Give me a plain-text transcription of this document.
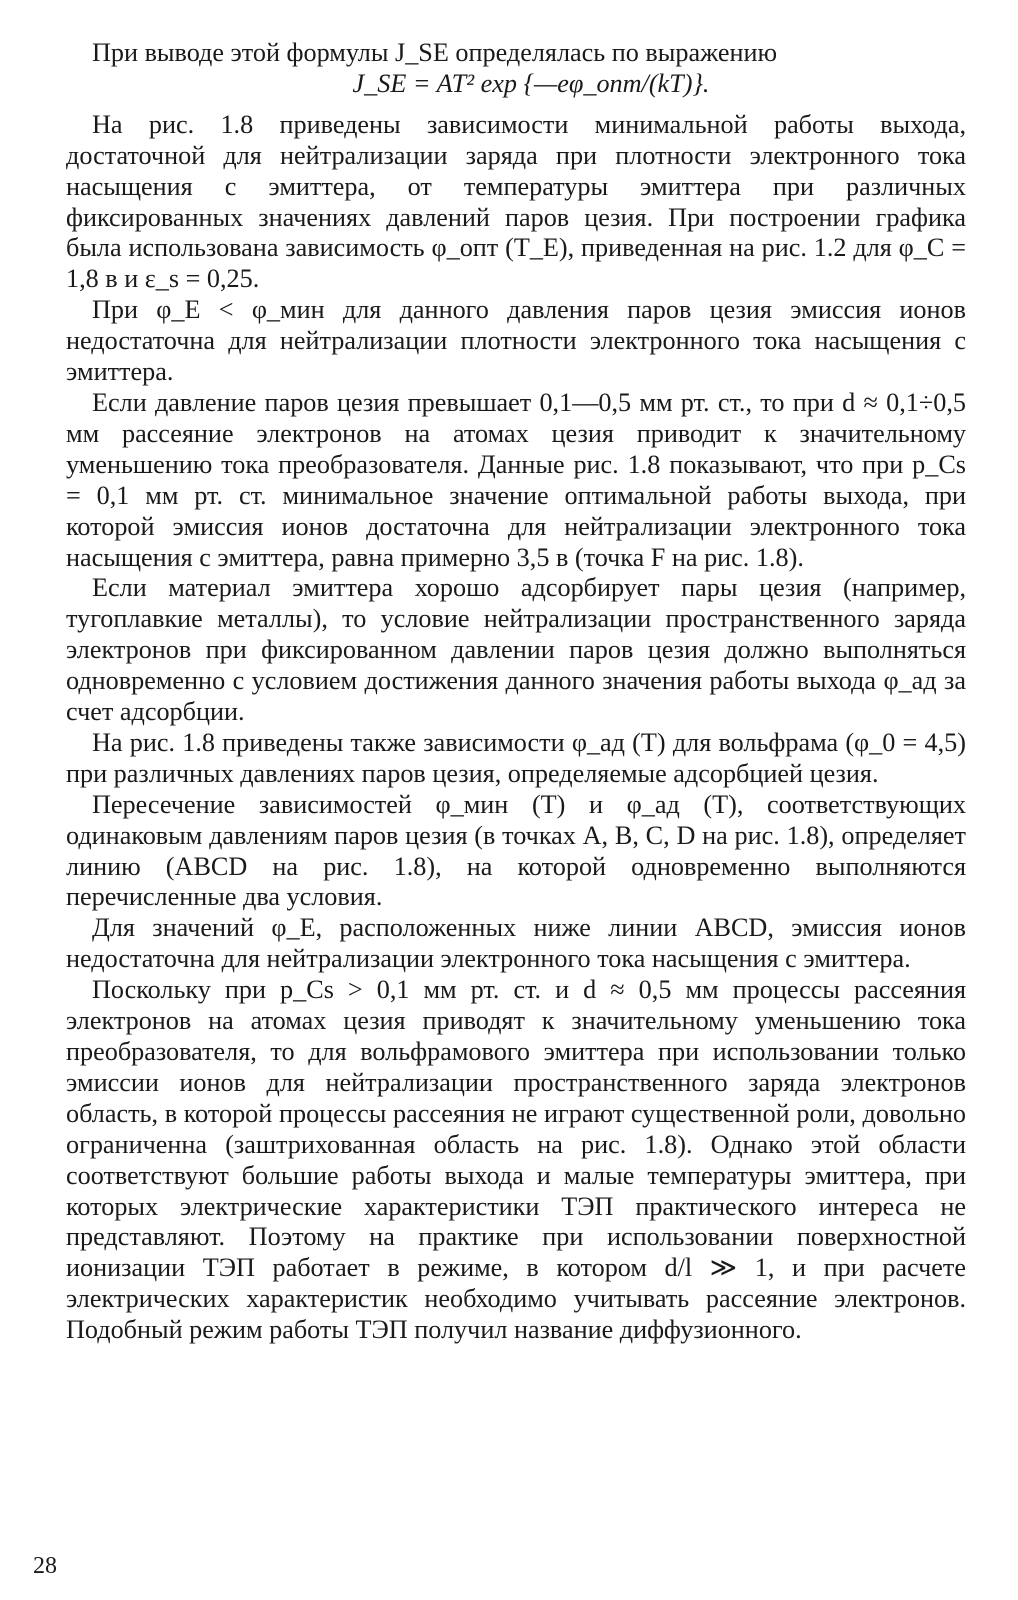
При выводе этой формулы J_SE определялась по выражению

J_SE = AT² exp {—eφ_опт/(kT)}.

На рис. 1.8 приведены зависимости минимальной работы выхода, достаточной для нейтрализации заряда при плотности электронного тока насыщения с эмиттера, от температуры эмиттера при различных фиксированных значениях давлений паров цезия. При построении графика была использована зависимость φ_опт (T_E), приведенная на рис. 1.2 для φ_C = 1,8 в и ε_s = 0,25.

При φ_E < φ_мин для данного давления паров цезия эмиссия ионов недостаточна для нейтрализации плотности электронного тока насыщения с эмиттера.

Если давление паров цезия превышает 0,1—0,5 мм рт. ст., то при d ≈ 0,1÷0,5 мм рассеяние электронов на атомах цезия приводит к значительному уменьшению тока преобразователя. Данные рис. 1.8 показывают, что при p_Cs = 0,1 мм рт. ст. минимальное значение оптимальной работы выхода, при которой эмиссия ионов достаточна для нейтрализации электронного тока насыщения с эмиттера, равна примерно 3,5 в (точка F на рис. 1.8).

Если материал эмиттера хорошо адсорбирует пары цезия (например, тугоплавкие металлы), то условие нейтрализации пространственного заряда электронов при фиксированном давлении паров цезия должно выполняться одновременно с условием достижения данного значения работы выхода φ_ад за счет адсорбции.

На рис. 1.8 приведены также зависимости φ_ад (T) для вольфрама (φ_0 = 4,5) при различных давлениях паров цезия, определяемые адсорбцией цезия.

Пересечение зависимостей φ_мин (T) и φ_ад (T), соответствующих одинаковым давлениям паров цезия (в точках A, B, C, D на рис. 1.8), определяет линию (ABCD на рис. 1.8), на которой одновременно выполняются перечисленные два условия.

Для значений φ_E, расположенных ниже линии ABCD, эмиссия ионов недостаточна для нейтрализации электронного тока насыщения с эмиттера.

Поскольку при p_Cs > 0,1 мм рт. ст. и d ≈ 0,5 мм процессы рассеяния электронов на атомах цезия приводят к значительному уменьшению тока преобразователя, то для вольфрамового эмиттера при использовании только эмиссии ионов для нейтрализации пространственного заряда электронов область, в которой процессы рассеяния не играют существенной роли, довольно ограниченна (заштрихованная область на рис. 1.8). Однако этой области соответствуют большие работы выхода и малые температуры эмиттера, при которых электрические характеристики ТЭП практического интереса не представляют. Поэтому на практике при использовании поверхностной ионизации ТЭП работает в режиме, в котором d/l ≫ 1, и при расчете электрических характеристик необходимо учитывать рассеяние электронов. Подобный режим работы ТЭП получил название диффузионного.

28
